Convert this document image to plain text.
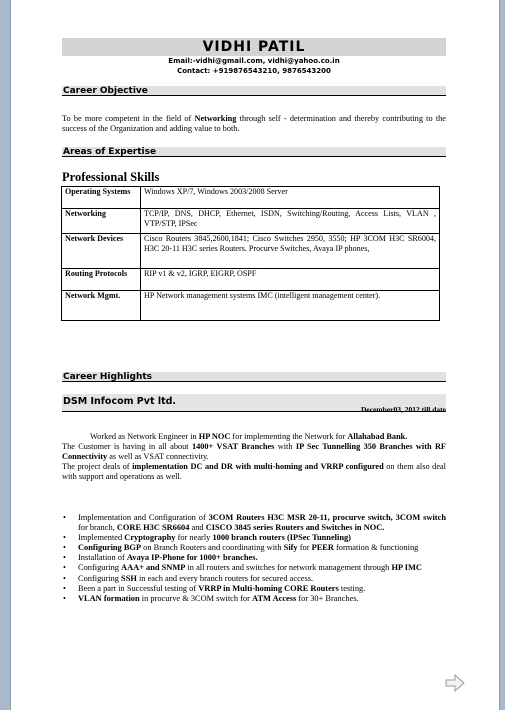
VIDHI PATIL
Email:-vidhi@gmail.com, vidhi@yahoo.co.in
Contact: +919876543210, 9876543200
Career Objective
To be more competent in the field of Networking through self - determination and thereby contributing to the success of the Organization and adding value to both.
Areas of Expertise
Professional Skills
Operating Systems	Windows XP/7, Windows 2003/2008 Server
Networking	TCP/IP, DNS, DHCP, Ethernet, ISDN, Switching/Routing, Access Lists, VLAN , VTP/STP, IPSec
Network Devices	Cisco Routers 3845,2600,1841; Cisco Switches 2950, 3550; HP 3COM H3C SR6004, H3C 20-11 H3C series Routers. Procurve Switches, Avaya IP phones,
Routing Protocols	RIP v1 & v2, IGRP, EIGRP, OSPF
Network Mgmt.	HP Network management systems IMC (intelligent management center).
Career Highlights
DSM Infocom Pvt ltd.
December03, 2012 till date
Worked as Network Engineer in HP NOC for implementing the Network for Allahabad Bank.
The Customer is having in all about 1400+ VSAT Branches with IP Sec Tunnelling 350 Branches with RF Connectivity as well as VSAT connectivity.
The project deals of implementation DC and DR with multi-homing and VRRP configured on them also deal with support and operations as well.
• Implementation and Configuration of 3COM Routers H3C MSR 20-11, procurve switch, 3COM switch for branch, CORE H3C SR6604 and CISCO 3845 series Routers and Switches in NOC.
• Implemented Cryptography for nearly 1000 branch routers (IPSec Tunneling)
• Configuring BGP on Branch Routers and coordinating with Sify for PEER formation & functioning
• Installation of Avaya IP-Phone for 1000+ branches.
• Configuring AAA+ and SNMP in all routers and switches for network management through HP IMC
• Configuring SSH in each and every branch routers for secured access.
• Been a part in Successful testing of VRRP in Multi-homing CORE Routers testing.
• VLAN formation in procurve & 3COM switch for ATM Access for 30+ Branches.
